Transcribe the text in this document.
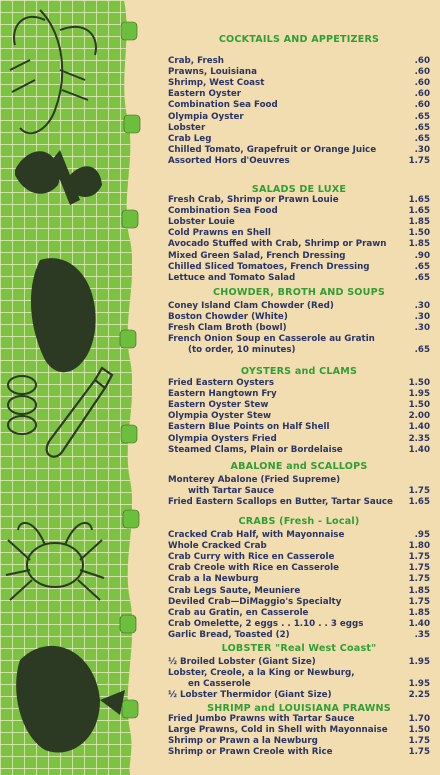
COCKTAILS AND APPETIZERS
Crab, Fresh	.60
Prawns, Louisiana	.60
Shrimp, West Coast	.60
Eastern Oyster	.60
Combination Sea Food	.60
Olympia Oyster	.65
Lobster	.65
Crab Leg	.65
Chilled Tomato, Grapefruit or Orange Juice	.30
Assorted Hors d'Oeuvres	1.75
SALADS DE LUXE
Fresh Crab, Shrimp or Prawn Louie	1.65
Combination Sea Food	1.65
Lobster Louie	1.85
Cold Prawns en Shell	1.50
Avocado Stuffed with Crab, Shrimp or Prawn	1.85
Mixed Green Salad, French Dressing	.90
Chilled Sliced Tomatoes, French Dressing	.65
Lettuce and Tomato Salad	.65
CHOWDER, BROTH AND SOUPS
Coney Island Clam Chowder (Red)	.30
Boston Chowder (White)	.30
Fresh Clam Broth (bowl)	.30
French Onion Soup en Casserole au Gratin
(to order, 10 minutes)	.65
OYSTERS and CLAMS
Fried Eastern Oysters	1.50
Eastern Hangtown Fry	1.95
Eastern Oyster Stew	1.50
Olympia Oyster Stew	2.00
Eastern Blue Points on Half Shell	1.40
Olympia Oysters Fried	2.35
Steamed Clams, Plain or Bordelaise	1.40
ABALONE and SCALLOPS
Monterey Abalone (Fried Supreme)
with Tartar Sauce	1.75
Fried Eastern Scallops en Butter, Tartar Sauce 1.65
CRABS (Fresh - Local)
Cracked Crab Half, with Mayonnaise	.95
Whole Cracked Crab	1.80
Crab Curry with Rice en Casserole	1.75
Crab Creole with Rice en Casserole	1.75
Crab a la Newburg	1.75
Crab Legs Saute, Meuniere	1.85
Deviled Crab—DiMaggio's Specialty	1.75
Crab au Gratin, en Casserole	1.85
Crab Omelette, 2 eggs . . 1.10 . . 3 eggs	1.40
Garlic Bread, Toasted (2)	.35
LOBSTER "Real West Coast"
½ Broiled Lobster (Giant Size)	1.95
Lobster, Creole, a la King or Newburg,
en Casserole	1.95
½ Lobster Thermidor (Giant Size)	2.25
SHRIMP and LOUISIANA PRAWNS
Fried Jumbo Prawns with Tartar Sauce	1.70
Large Prawns, Cold in Shell with Mayonnaise 1.50
Shrimp or Prawn a la Newburg	1.75
Shrimp or Prawn Creole with Rice	1.75
